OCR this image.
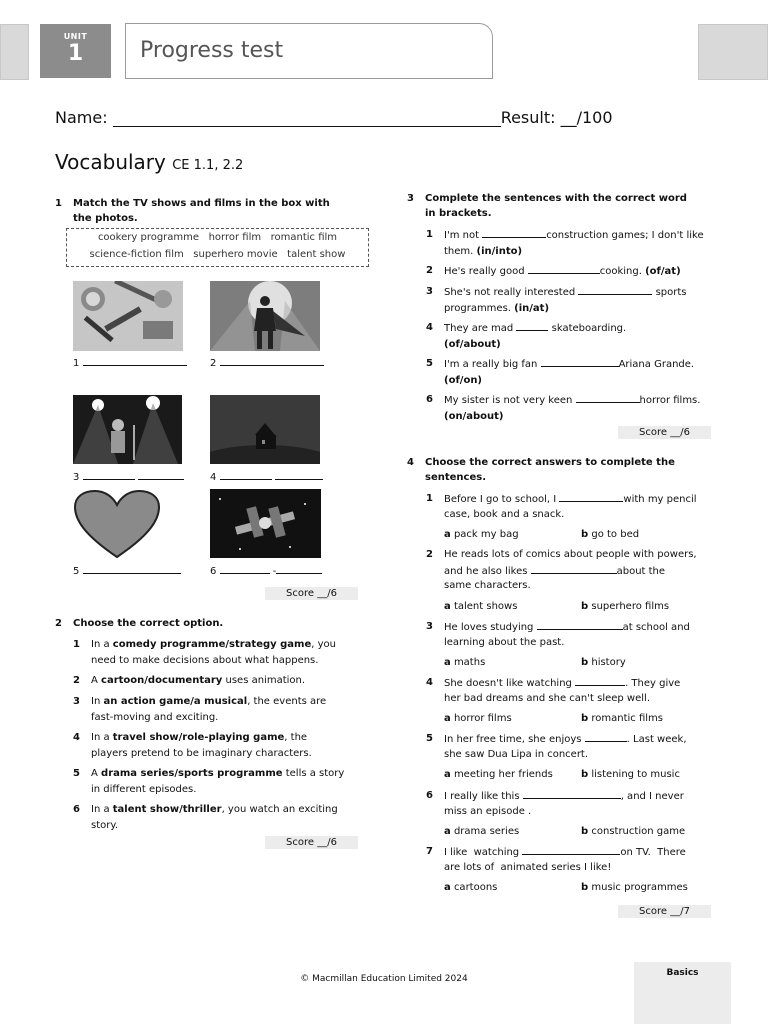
UNIT
1	Progress test
Name:	Result: __/100
Vocabulary CE 1.1, 2.2
1 Match the TV shows and films in the box with the photos.
cookery programme   horror film   romantic film
science-fiction film   superhero movie   talent show
1	2
3	4
5	6	-
Score __/6
2 Choose the correct option.
1 In a comedy programme/strategy game, you need to make decisions about what happens.
2 A cartoon/documentary uses animation.
3 In an action game/a musical, the events are fast-moving and exciting.
4 In a travel show/role-playing game, the players pretend to be imaginary characters.
5 A drama series/sports programme tells a story in different episodes.
6 In a talent show/thriller, you watch an exciting story.
Score __/6
3 Complete the sentences with the correct word in brackets.
1 I'm not	construction games; I don't like them. (in/into)
2 He's really good	cooking. (of/at)
3 She's not really interested	sports programmes. (in/at)
4 They are mad	skateboarding. (of/about)
5 I'm a really big fan	Ariana Grande. (of/on)
6 My sister is not very keen	horror films. (on/about)
Score __/6
4 Choose the correct answers to complete the sentences.
1 Before I go to school, I	with my pencil
case, book and a snack.
a pack my bag	b go to bed
2 He reads lots of comics about people with powers,
and he also likes	about the
same characters.
a talent shows	b superhero films
3 He loves studying	at school and
learning about the past.
a maths	b history
4 She doesn't like watching	. They give
her bad dreams and she can't sleep well.
a horror films	b romantic films
5 In her free time, she enjoys	. Last week,
she saw Dua Lipa in concert.
a meeting her friends	b listening to music
6 I really like this	, and I never
miss an episode .
a drama series	b construction game
7 I like  watching	on TV.  There
are lots of  animated series I like!
a cartoons	b music programmes
Score __/7
© Macmillan Education Limited 2024
Basics
